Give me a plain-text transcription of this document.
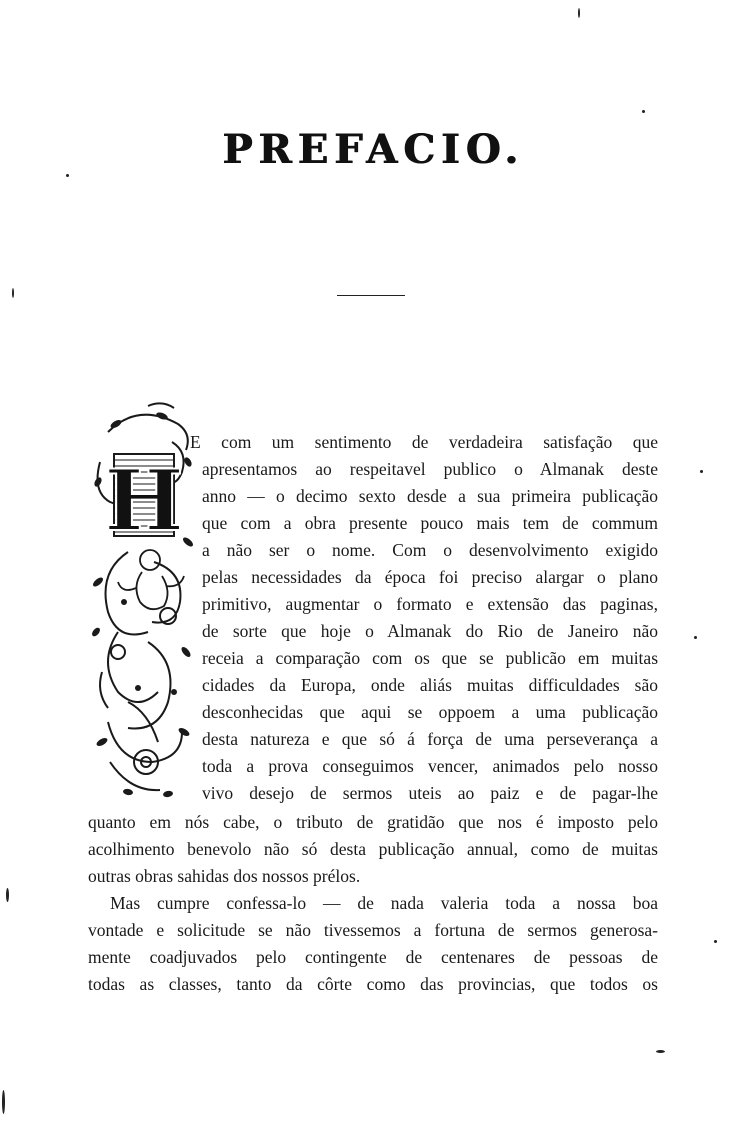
PREFACIO.
H
E com um sentimento de verdadeira satisfação que
apresentamos ao respeitavel publico o Almanak deste
anno — o decimo sexto desde a sua primeira publicação
que com a obra presente pouco mais tem de commum
a não ser o nome. Com o desenvolvimento exigido
pelas necessidades da época foi preciso alargar o plano
primitivo, augmentar o formato e extensão das paginas,
de sorte que hoje o Almanak do Rio de Janeiro não
receia a comparação com os que se publicão em muitas
cidades da Europa, onde aliás muitas difficuldades são
desconhecidas que aqui se oppoem a uma publicação
desta natureza e que só á força de uma perseverança a
toda a prova conseguimos vencer, animados pelo nosso
vivo desejo de sermos uteis ao paiz e de pagar-lhe
quanto em nós cabe, o tributo de gratidão que nos é imposto pelo
acolhimento benevolo não só desta publicação annual, como de muitas
outras obras sahidas dos nossos prélos.
Mas cumpre confessa-lo — de nada valeria toda a nossa boa
vontade e solicitude se não tivessemos a fortuna de sermos generosa-
mente coadjuvados pelo contingente de centenares de pessoas de
todas as classes, tanto da côrte como das provincias, que todos os
